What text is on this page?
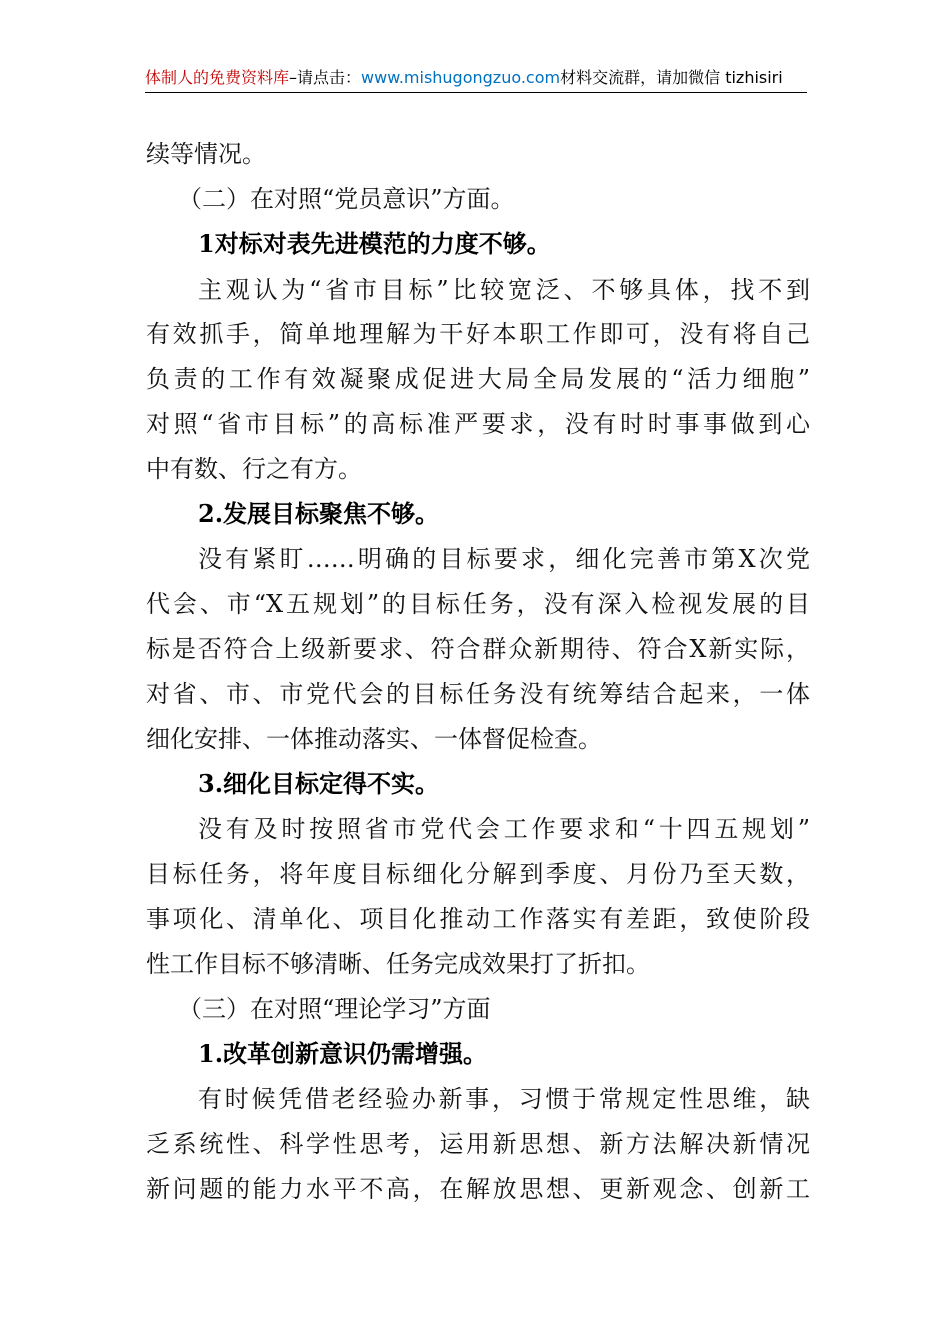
体制人的免费资料库–请点击：www.mishugongzuo.com材料交流群，请加微信 tizhisiri
续等情况。
（二）在对照“党员意识”方面。
1对标对表先进模范的力度不够。
主观认为“省市目标”比较宽泛、不够具体，找不到
有效抓手，简单地理解为干好本职工作即可，没有将自己
负责的工作有效凝聚成促进大局全局发展的“活力细胞”
对照“省市目标”的高标准严要求，没有时时事事做到心
中有数、行之有方。
2.发展目标聚焦不够。
没有紧盯……明确的目标要求，细化完善市第X次党
代会、市“X五规划”的目标任务，没有深入检视发展的目
标是否符合上级新要求、符合群众新期待、符合X新实际，
对省、市、市党代会的目标任务没有统筹结合起来，一体
细化安排、一体推动落实、一体督促检查。
3.细化目标定得不实。
没有及时按照省市党代会工作要求和“十四五规划”
目标任务，将年度目标细化分解到季度、月份乃至天数，
事项化、清单化、项目化推动工作落实有差距，致使阶段
性工作目标不够清晰、任务完成效果打了折扣。
（三）在对照“理论学习”方面
1.改革创新意识仍需增强。
有时候凭借老经验办新事，习惯于常规定性思维，缺
乏系统性、科学性思考，运用新思想、新方法解决新情况
新问题的能力水平不高，在解放思想、更新观念、创新工
